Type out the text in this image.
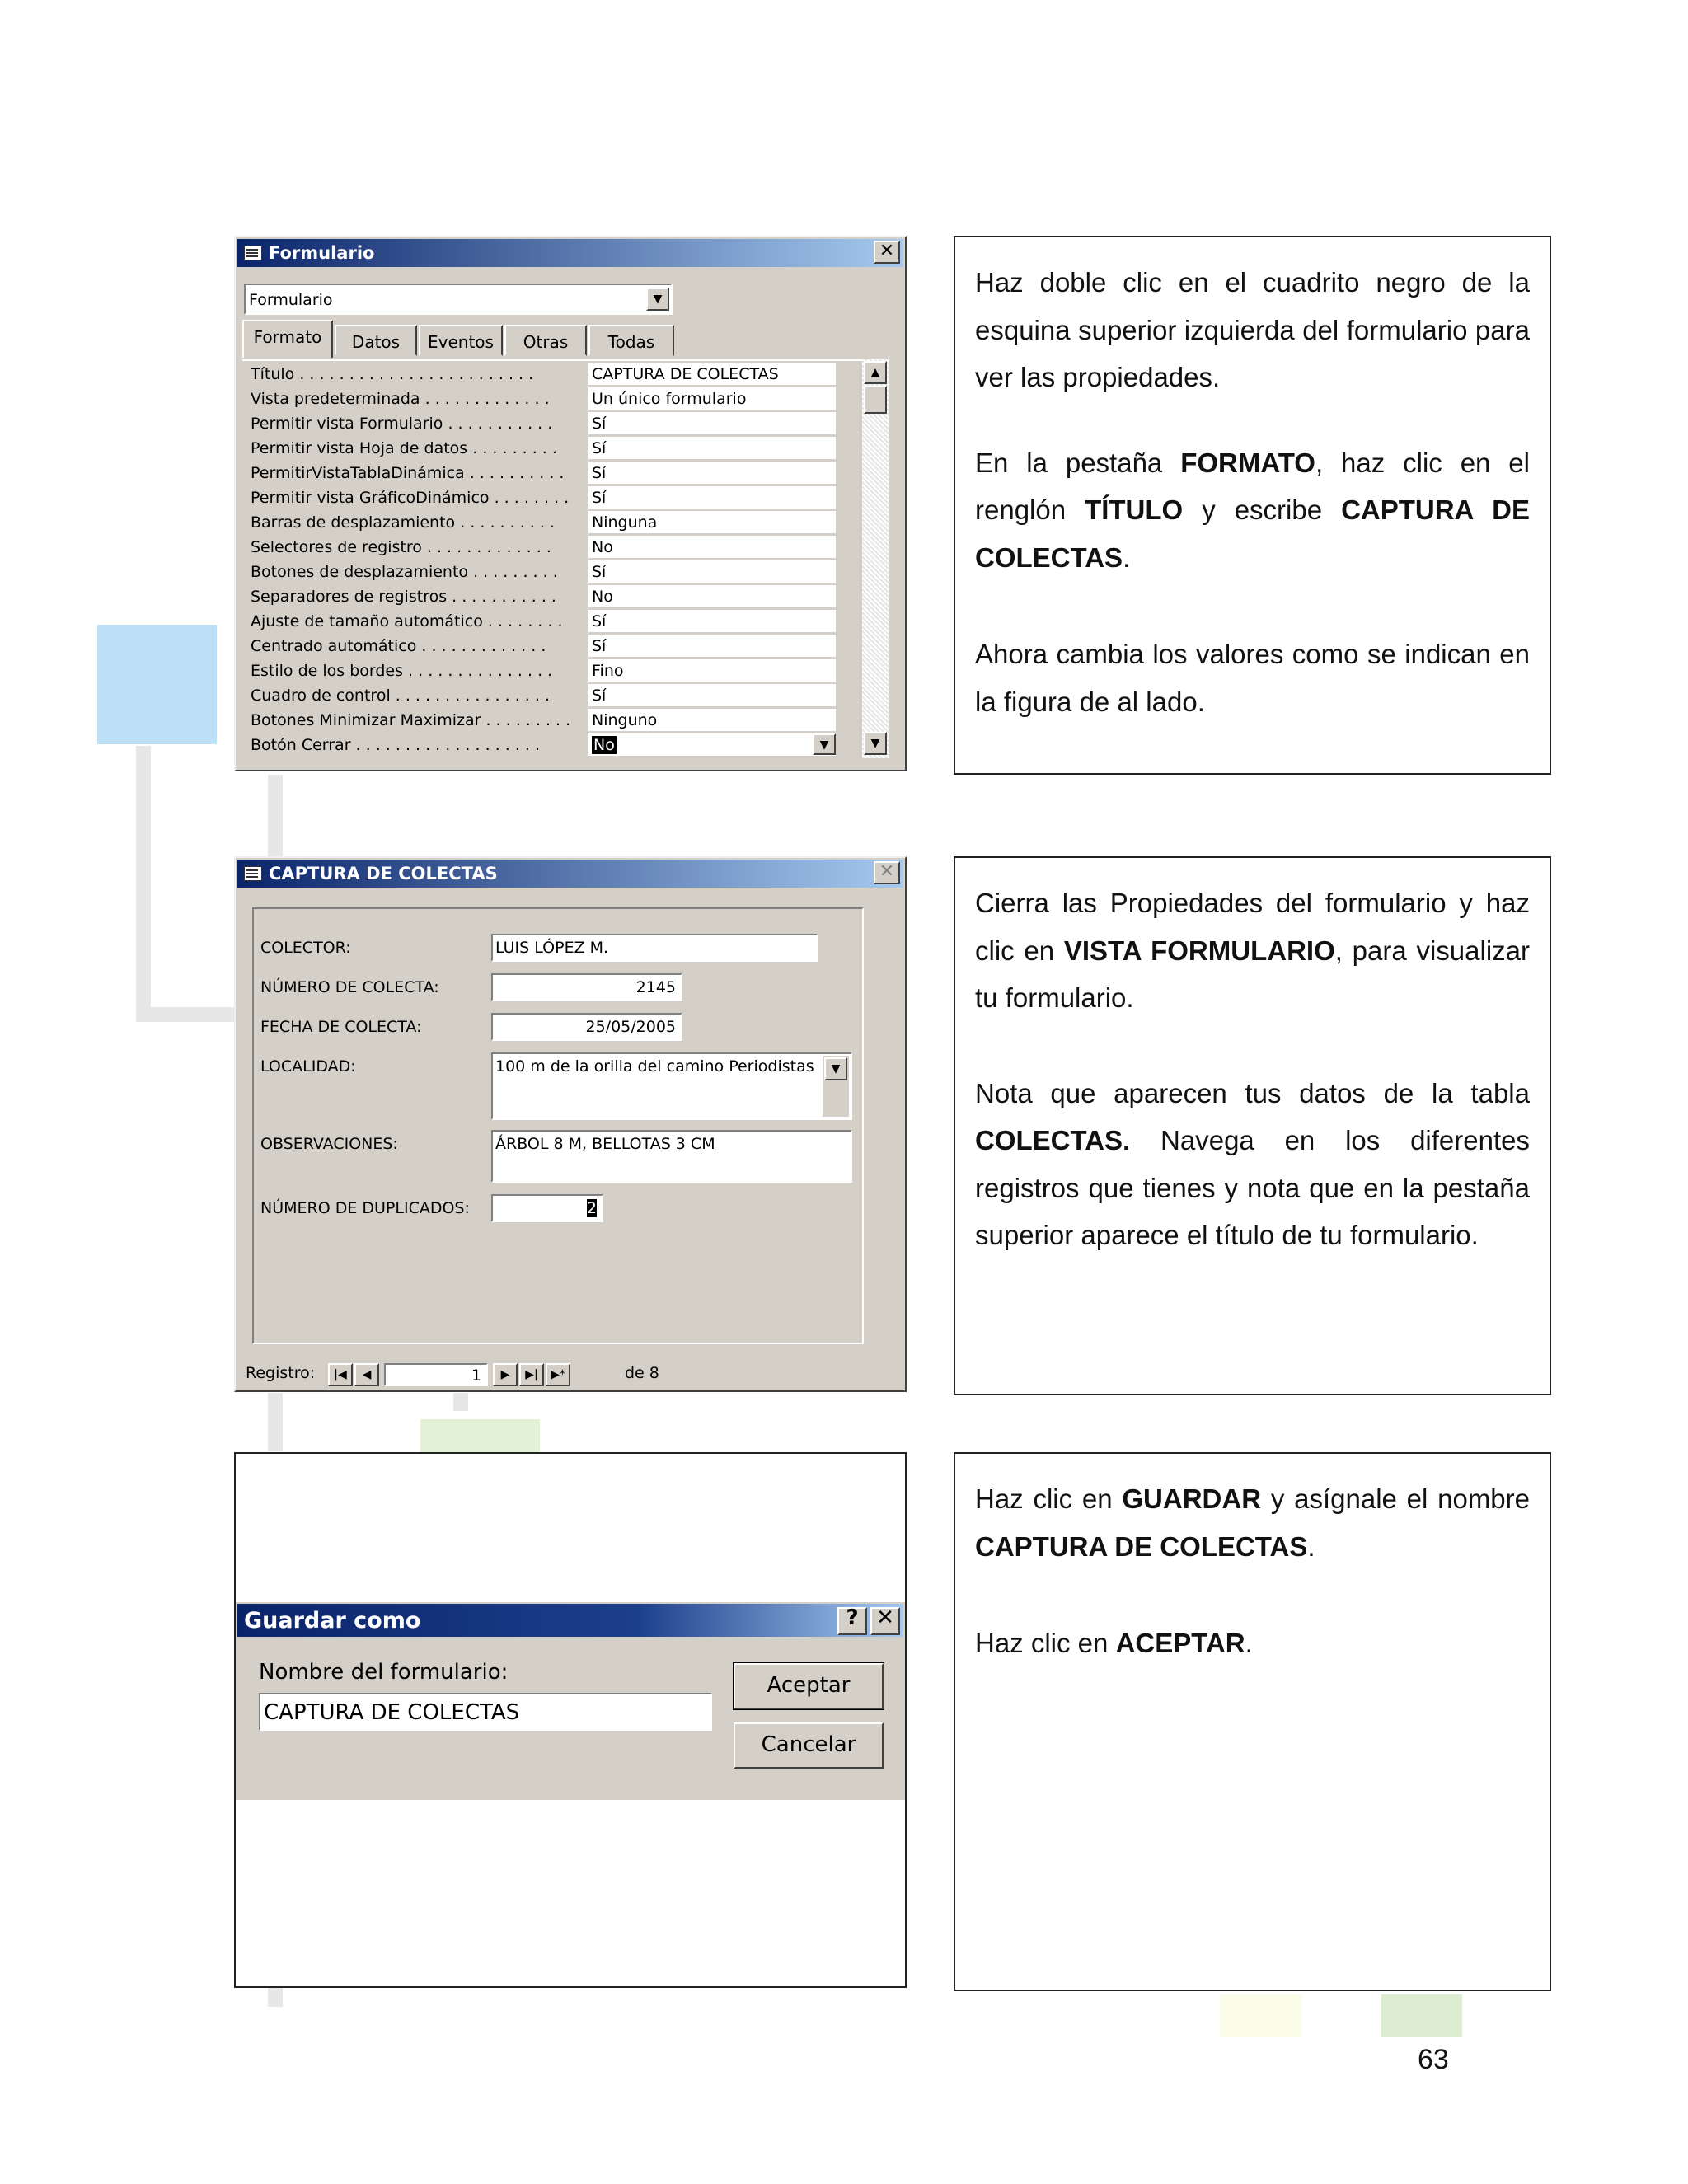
Formulario	✕
Formulario	▼
Formato	Datos	Eventos	Otras	Todas
Título . . . . . . . . . . . . . . . . . . . . . . . .	CAPTURA DE COLECTAS
Vista predeterminada . . . . . . . . . . . . .	Un único formulario
Permitir vista Formulario . . . . . . . . . . .	Sí
Permitir vista Hoja de datos . . . . . . . . . Sí
PermitirVistaTablaDinámica . . . . . . . . . . Sí
Permitir vista GráficoDinámico . . . . . . . . Sí
Barras de desplazamiento . . . . . . . . . . Ninguna
Selectores de registro . . . . . . . . . . . . .	No
Botones de desplazamiento . . . . . . . . . Sí
Separadores de registros . . . . . . . . . . . No
Ajuste de tamaño automático . . . . . . . . Sí
Centrado automático . . . . . . . . . . . . .	Sí
Estilo de los bordes . . . . . . . . . . . . . . .	Fino
Cuadro de control . . . . . . . . . . . . . . . .	Sí
Botones Minimizar Maximizar . . . . . . . . . Ninguno
Botón Cerrar . . . . . . . . . . . . . . . . . . .	No	▼
▲
▼

Haz doble clic en el cuadrito negro de la esquina superior izquierda del formulario para ver las propiedades.

En la pestaña FORMATO, haz clic en el renglón TÍTULO y escribe CAPTURA DE COLECTAS.

Ahora cambia los valores como se indican en la figura de al lado.

CAPTURA DE COLECTAS	✕
COLECTOR:	LUIS LÓPEZ M.
NÚMERO DE COLECTA:	2145
FECHA DE COLECTA:	25/05/2005
LOCALIDAD:	100 m de la orilla del camino Periodistas	▼
OBSERVACIONES:	ÁRBOL 8 M, BELLOTAS 3 CM
NÚMERO DE DUPLICADOS:	2
Registro:	|◀	◀	1	▶	▶|	▶*	de 8

Cierra las Propiedades del formulario y haz clic en VISTA FORMULARIO, para visualizar tu formulario.

Nota que aparecen tus datos de la tabla COLECTAS. Navega en los diferentes registros que tienes y nota que en la pestaña superior aparece el título de tu formulario.

Guardar como	? ✕
Nombre del formulario:
CAPTURA DE COLECTAS
Aceptar
Cancelar

Haz clic en GUARDAR y asígnale el nombre CAPTURA DE COLECTAS.

Haz clic en ACEPTAR.

63
